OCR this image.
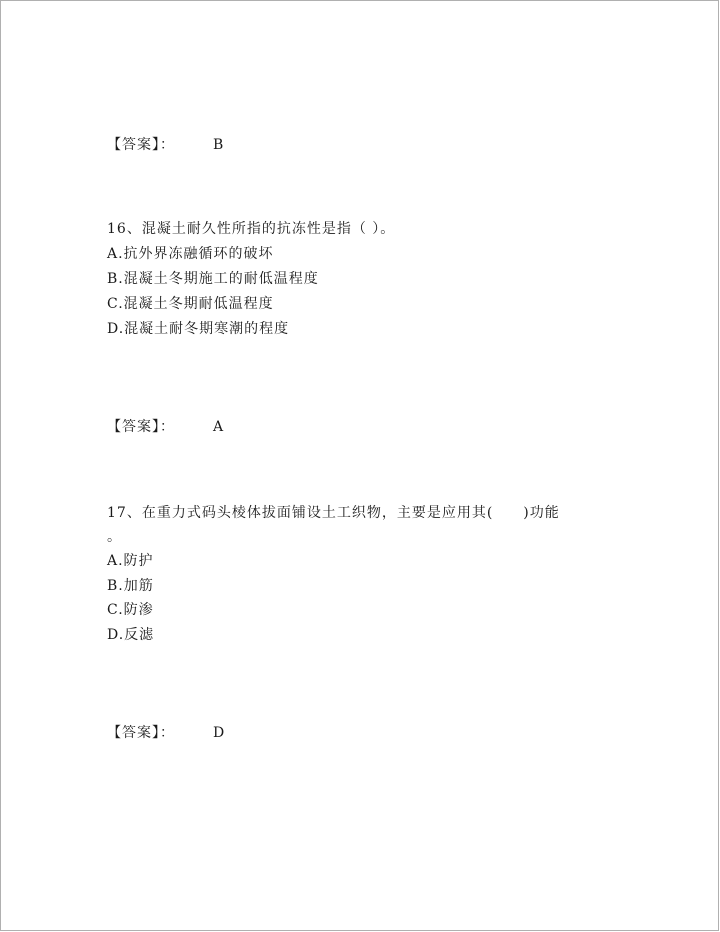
【答案】：	B
16、混凝土耐久性所指的抗冻性是指（ ）。
A.抗外界冻融循环的破坏
B.混凝土冬期施工的耐低温程度
C.混凝土冬期耐低温程度
D.混凝土耐冬期寒潮的程度
【答案】：	A
17、在重力式码头棱体拔面铺设土工织物，主要是应用其(　　)功能
。
A.防护
B.加筋
C.防渗
D.反滤
【答案】：	D
